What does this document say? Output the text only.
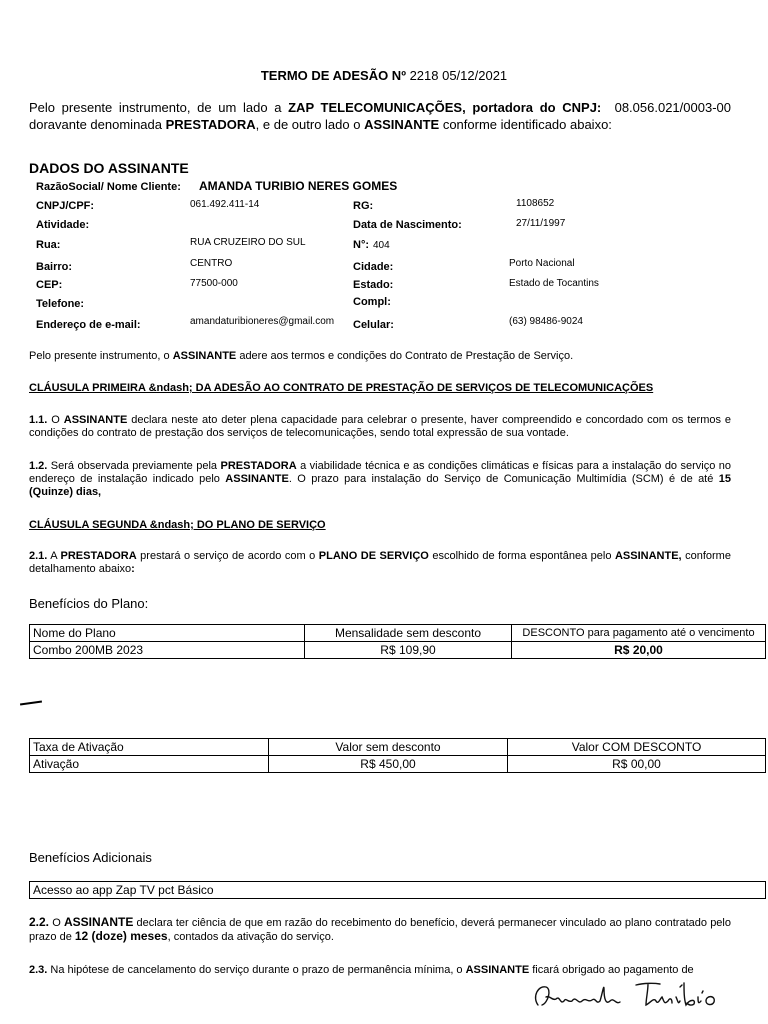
TERMO DE ADESÃO Nº 2218 05/12/2021
Pelo presente instrumento, de um lado a ZAP TELECOMUNICAÇÕES, portadora do CNPJ: 08.056.021/0003-00 doravante denominada PRESTADORA, e de outro lado o ASSINANTE conforme identificado abaixo:
DADOS DO ASSINANTE
RazãoSocial/ Nome Cliente: AMANDA TURIBIO NERES GOMES
CNPJ/CPF:	061.492.411-14	RG:	1108652
Atividade:	Data de Nascimento:	27/11/1997
Rua:	RUA CRUZEIRO DO SUL	N°: 404
Bairro:	CENTRO	Cidade:	Porto Nacional
CEP:	77500-000	Estado:	Estado de Tocantins
Telefone:	Compl:
Endereço de e-mail:	amandaturibioneres@gmail.com Celular:	(63) 98486-9024

Pelo presente instrumento, o ASSINANTE adere aos termos e condições do Contrato de Prestação de Serviço.

CLÁUSULA PRIMEIRA &ndash; DA ADESÃO AO CONTRATO DE PRESTAÇÃO DE SERVIÇOS DE TELECOMUNICAÇÕES

1.1. O ASSINANTE declara neste ato deter plena capacidade para celebrar o presente, haver compreendido e concordado com os termos e condições do contrato de prestação dos serviços de telecomunicações, sendo total expressão de sua vontade.

1.2. Será observada previamente pela PRESTADORA a viabilidade técnica e as condições climáticas e físicas para a instalação do serviço no endereço de instalação indicado pelo ASSINANTE. O prazo para instalação do Serviço de Comunicação Multimídia (SCM) é de até 15 (Quinze) dias,

CLÁUSULA SEGUNDA &ndash; DO PLANO DE SERVIÇO

2.1. A PRESTADORA prestará o serviço de acordo com o PLANO DE SERVIÇO escolhido de forma espontânea pelo ASSINANTE, conforme detalhamento abaixo:

Benefícios do Plano:
Nome do Plano	Mensalidade sem desconto	DESCONTO para pagamento até o vencimento
Combo 200MB 2023	R$ 109,90	R$ 20,00
Taxa de Ativação	Valor sem desconto	Valor COM DESCONTO
Ativação	R$ 450,00	R$ 00,00
Benefícios Adicionais
Acesso ao app Zap TV pct Básico

2.2. O ASSINANTE declara ter ciência de que em razão do recebimento do benefício, deverá permanecer vinculado ao plano contratado pelo prazo de 12 (doze) meses, contados da ativação do serviço.

2.3. Na hipótese de cancelamento do serviço durante o prazo de permanência mínima, o ASSINANTE ficará obrigado ao pagamento de
